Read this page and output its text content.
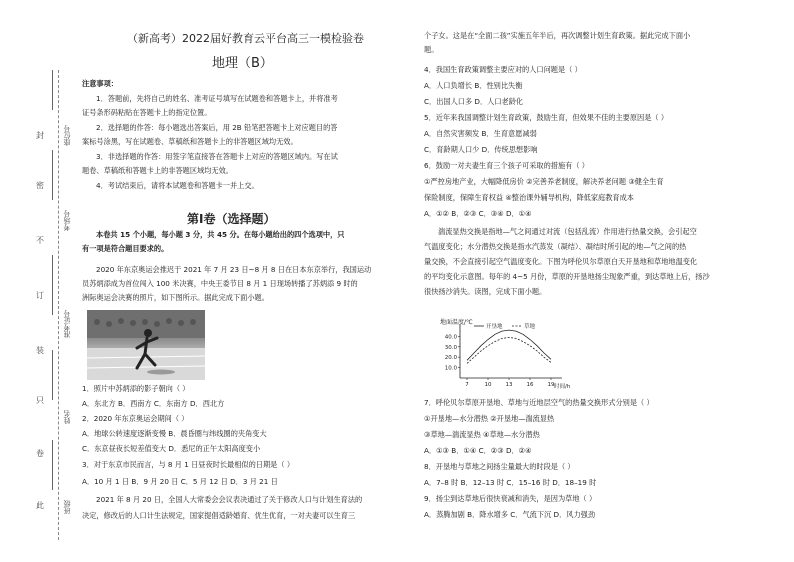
封
密
不
订
装
只
卷
此
座位号
考场号
准考证号
姓名
班级
（新高考）2022届好教育云平台高三一模检验卷
地理（B）
注意事项：
1．答题前，先将自己的姓名、准考证号填写在试题卷和答题卡上，并将准考
证号条形码粘贴在答题卡上的指定位置。
2．选择题的作答：每小题选出答案后，用 2B 铅笔把答题卡上对应题目的答
案标号涂黑，写在试题卷、草稿纸和答题卡上的非答题区域均无效。
3．非选择题的作答：用签字笔直接答在答题卡上对应的答题区域内。写在试
题卷、草稿纸和答题卡上的非答题区域均无效。
4．考试结束后，请将本试题卷和答题卡一并上交。
第Ⅰ卷（选择题）
本卷共 15 个小题，每小题 3 分，共 45 分。在每小题给出的四个选项中，只
有一项是符合题目要求的。
2020 年东京奥运会推迟于 2021 年 7 月 23 日~8 月 8 日在日本东京举行，我国运动
员苏炳添成为首位闯入 100 米决赛，中央王委节目 8 月 1 日现场转播了苏炳添 9 时的
洲际奥运会决赛的照片，如下图所示。据此完成下面小题。
1．照片中苏炳添的影子朝向（ ）
A．东北方 B．西南方 C．东南方 D．西北方
2．2020 年东京奥运会期间（ ）
A．地球公转速度逐渐变慢 B．晨昏圈与纬线圈的夹角变大
C．东京昼夜长短差值变大 D．悉尼的正午太阳高度变小
3．对于东京市民而言，与 8 月 1 日昼夜时长最相似的日期是（ ）
A．10 月 1 日 B．9 月 20 日 C．5 月 12 日 D．3 月 21 日
2021 年 8 月 20 日，全国人大常委会会议表决通过了关于修改人口与计划生育法的
决定，修改后的人口计生法规定，国家提倡适龄婚育、优生优育，一对夫妻可以生育三
个子女。这是在“全面二孩”实施五年半后，再次调整计划生育政策。据此完成下面小
题。
4．我国生育政策调整主要应对的人口问题是（ ）
A．人口负增长 B．性别比失衡
C．出国人口多 D．人口老龄化
5．近年来我国调整计划生育政策，鼓励生育，但效果不佳的主要原因是（ ）
A．自然灾害频发 B．生育意愿减弱
C．育龄期人口少 D．传统思想影响
6．鼓励一对夫妻生育三个孩子可采取的措施有（ ）
①严控房地产业，大幅降低房价 ②完善养老制度，解决养老问题 ③健全生育
保险制度，保障生育权益 ④整治课外辅导机构，降低家庭教育成本
A．①② B．②③ C．③④ D．①④
湍流显热交换是指地—气之间通过对流（包括乱流）作用进行热量交换，会引起空
气温度变化；水分潜热交换是指水汽蒸发（凝结）、凝结时所引起的地—气之间的热
量交换，不会直接引起空气温度变化。下图为呼伦贝尔草原白天开垦地和草地地温变化
的平均变化示意图。每年的 4~5 月份，草原的开垦地扬尘现象严重，到达草地上后，扬沙
很快扬沙消失。读图，完成下面小题。
地面温度/℃
时间/h
10.0
20.0
30.0
40.0
7	10	13	16	19
开垦地	草地
7．呼伦贝尔草原开垦地、草地与近地层空气的热量交换形式分别是（ ）
①开垦地—水分潜热 ②开垦地—湍流显热
③草地—湍流显热 ④草地—水分潜热
A．①③ B．①④ C．②③ D．②④
8．开垦地与草地之间扬尘量最大的时段是（ ）
A．7–8 时 B．12–13 时 C．15–16 时 D．18–19 时
9．扬尘到达草地后很快衰减和消失，是因为草地（ ）
A．蒸腾加剧 B．降水增多 C．气流下沉 D．风力强劲
